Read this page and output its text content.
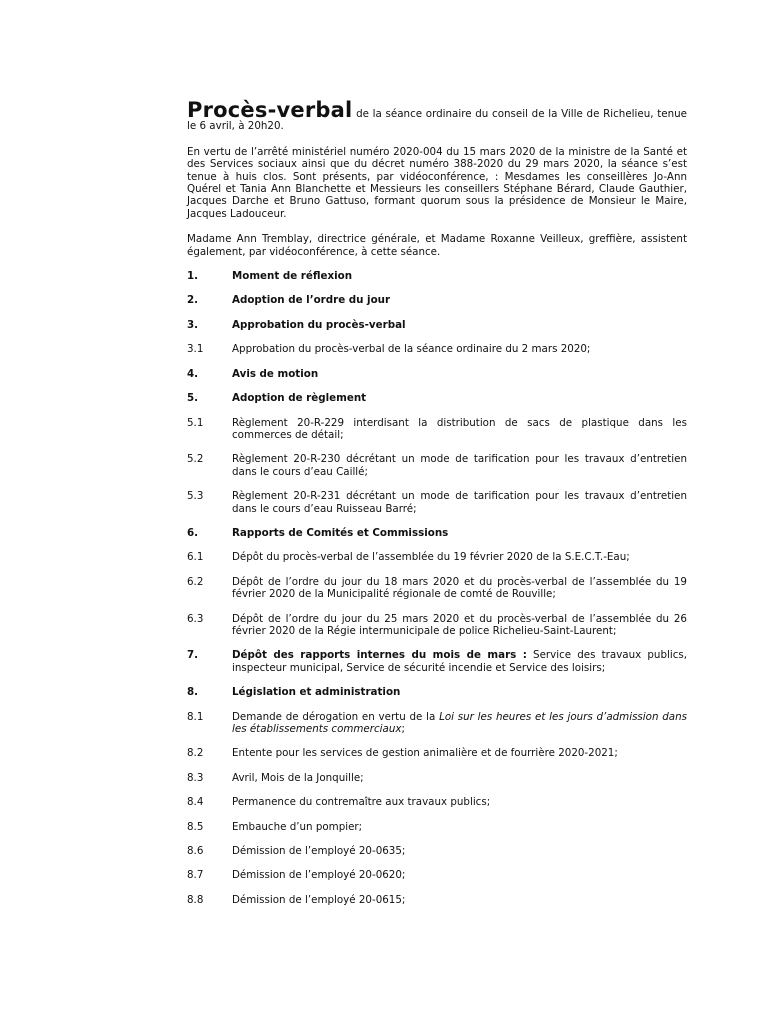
Procès-verbal de la séance ordinaire du conseil de la Ville de Richelieu, tenue le 6 avril, à 20h20.

En vertu de l’arrêté ministériel numéro 2020-004 du 15 mars 2020 de la ministre de la Santé et des Services sociaux ainsi que du décret numéro 388-2020 du 29 mars 2020, la séance s’est tenue à huis clos. Sont présents, par vidéoconférence, : Mesdames les conseillères Jo-Ann Quérel et Tania Ann Blanchette et Messieurs les conseillers Stéphane Bérard, Claude Gauthier, Jacques Darche et Bruno Gattuso, formant quorum sous la présidence de Monsieur le Maire, Jacques Ladouceur.

Madame Ann Tremblay, directrice générale, et Madame Roxanne Veilleux, greffière, assistent également, par vidéoconférence, à cette séance.

1.	Moment de réflexion
2.	Adoption de l’ordre du jour
3.	Approbation du procès-verbal
3.1	Approbation du procès-verbal de la séance ordinaire du 2 mars 2020;
4.	Avis de motion
5.	Adoption de règlement
5.1	Règlement 20-R-229 interdisant la distribution de sacs de plastique dans les commerces de détail;
5.2	Règlement 20-R-230 décrétant un mode de tarification pour les travaux d’entretien dans le cours d’eau Caillé;
5.3	Règlement 20-R-231 décrétant un mode de tarification pour les travaux d’entretien dans le cours d’eau Ruisseau Barré;
6.	Rapports de Comités et Commissions
6.1	Dépôt du procès-verbal de l’assemblée du 19 février 2020 de la S.E.C.T.-Eau;
6.2	Dépôt de l’ordre du jour du 18 mars 2020 et du procès-verbal de l’assemblée du 19 février 2020 de la Municipalité régionale de comté de Rouville;
6.3	Dépôt de l’ordre du jour du 25 mars 2020 et du procès-verbal de l’assemblée du 26 février 2020 de la Régie intermunicipale de police Richelieu-Saint-Laurent;
7.	Dépôt des rapports internes du mois de mars : Service des travaux publics, inspecteur municipal, Service de sécurité incendie et Service des loisirs;
8.	Législation et administration
8.1	Demande de dérogation en vertu de la Loi sur les heures et les jours d’admission dans les établissements commerciaux;
8.2	Entente pour les services de gestion animalière et de fourrière 2020-2021;
8.3	Avril, Mois de la Jonquille;
8.4	Permanence du contremaître aux travaux publics;
8.5	Embauche d’un pompier;
8.6	Démission de l’employé 20-0635;
8.7	Démission de l’employé 20-0620;
8.8	Démission de l’employé 20-0615;
